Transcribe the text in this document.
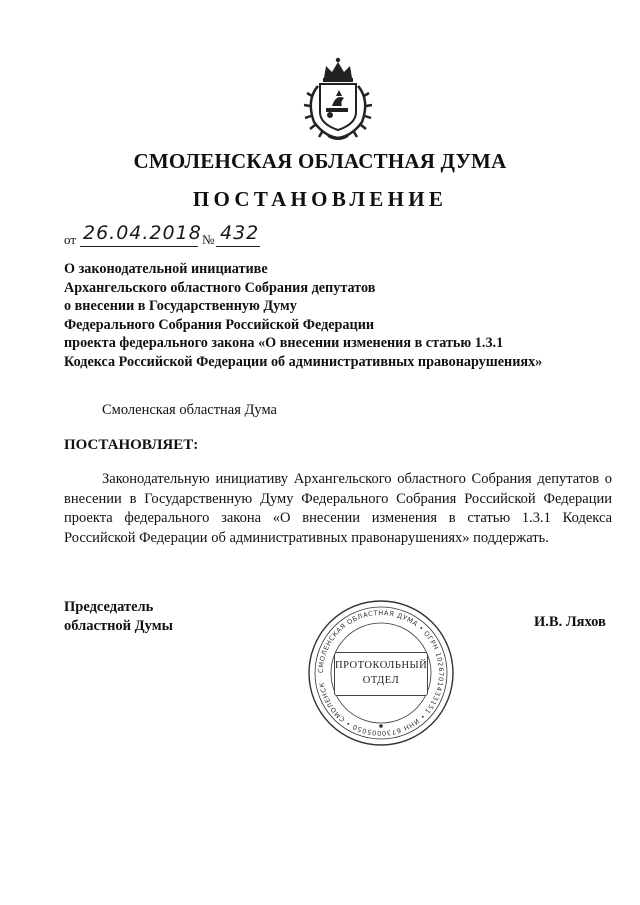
СМОЛЕНСКАЯ ОБЛАСТНАЯ ДУМА
ПОСТАНОВЛЕНИЕ
от 26.04.2018 № 432
О законодательной инициативе
Архангельского областного Собрания депутатов
о внесении в Государственную Думу
Федерального Собрания Российской Федерации
проекта федерального закона «О внесении изменения в статью 1.3.1
Кодекса Российской Федерации об административных правонарушениях»
Смоленская областная Дума
ПОСТАНОВЛЯЕТ:
Законодательную инициативу Архангельского областного Собрания депутатов о внесении в Государственную Думу Федерального Собрания Российской Федерации проекта федерального закона «О внесении изменения в статью 1.3.1 Кодекса Российской Федерации об административных правонарушениях» поддержать.
Председатель
областной Думы	И.В. Ляхов
СМОЛЕНСКАЯ ОБЛАСТНАЯ ДУМА • ОГРН 1026701433151 • ИНН 6730005050 • СМОЛЕНСК
ПРОТОКОЛЬНЫЙ
ОТДЕЛ
